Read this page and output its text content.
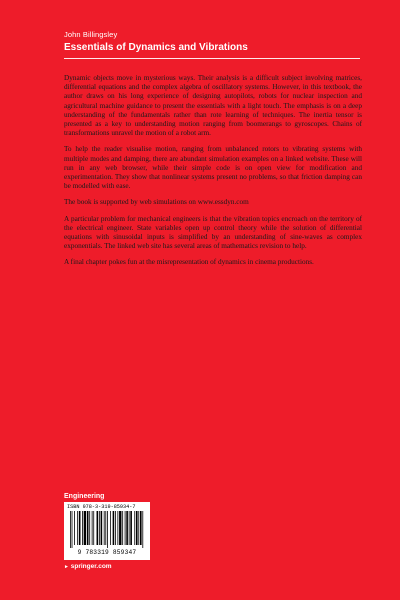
John Billingsley
Essentials of Dynamics and Vibrations

Dynamic objects move in mysterious ways. Their analysis is a difficult subject involving matrices, differential equations and the complex algebra of oscillatory systems. However, in this textbook, the author draws on his long experience of designing autopilots, robots for nuclear inspection and agricultural machine guidance to present the essentials with a light touch. The emphasis is on a deep understanding of the fundamentals rather than rote learning of techniques. The inertia tensor is presented as a key to understanding motion ranging from boomerangs to gyroscopes. Chains of transformations unravel the motion of a robot arm.

To help the reader visualise motion, ranging from unbalanced rotors to vibrating systems with multiple modes and damping, there are abundant simulation examples on a linked website. These will run in any web browser, while their simple code is on open view for modification and experimentation. They show that nonlinear systems present no problems, so that friction damping can be modelled with ease.

The book is supported by web simulations on www.essdyn.com

A particular problem for mechanical engineers is that the vibration topics encroach on the territory of the electrical engineer. State variables open up control theory while the solution of differential equations with sinusoidal inputs is simplified by an understanding of sine-waves as complex exponentials. The linked web site has several areas of mathematics revision to help.

A final chapter pokes fun at the misrepresentation of dynamics in cinema productions.

Engineering
ISBN 978-3-319-85934-7
9 783319 859347
► springer.com
